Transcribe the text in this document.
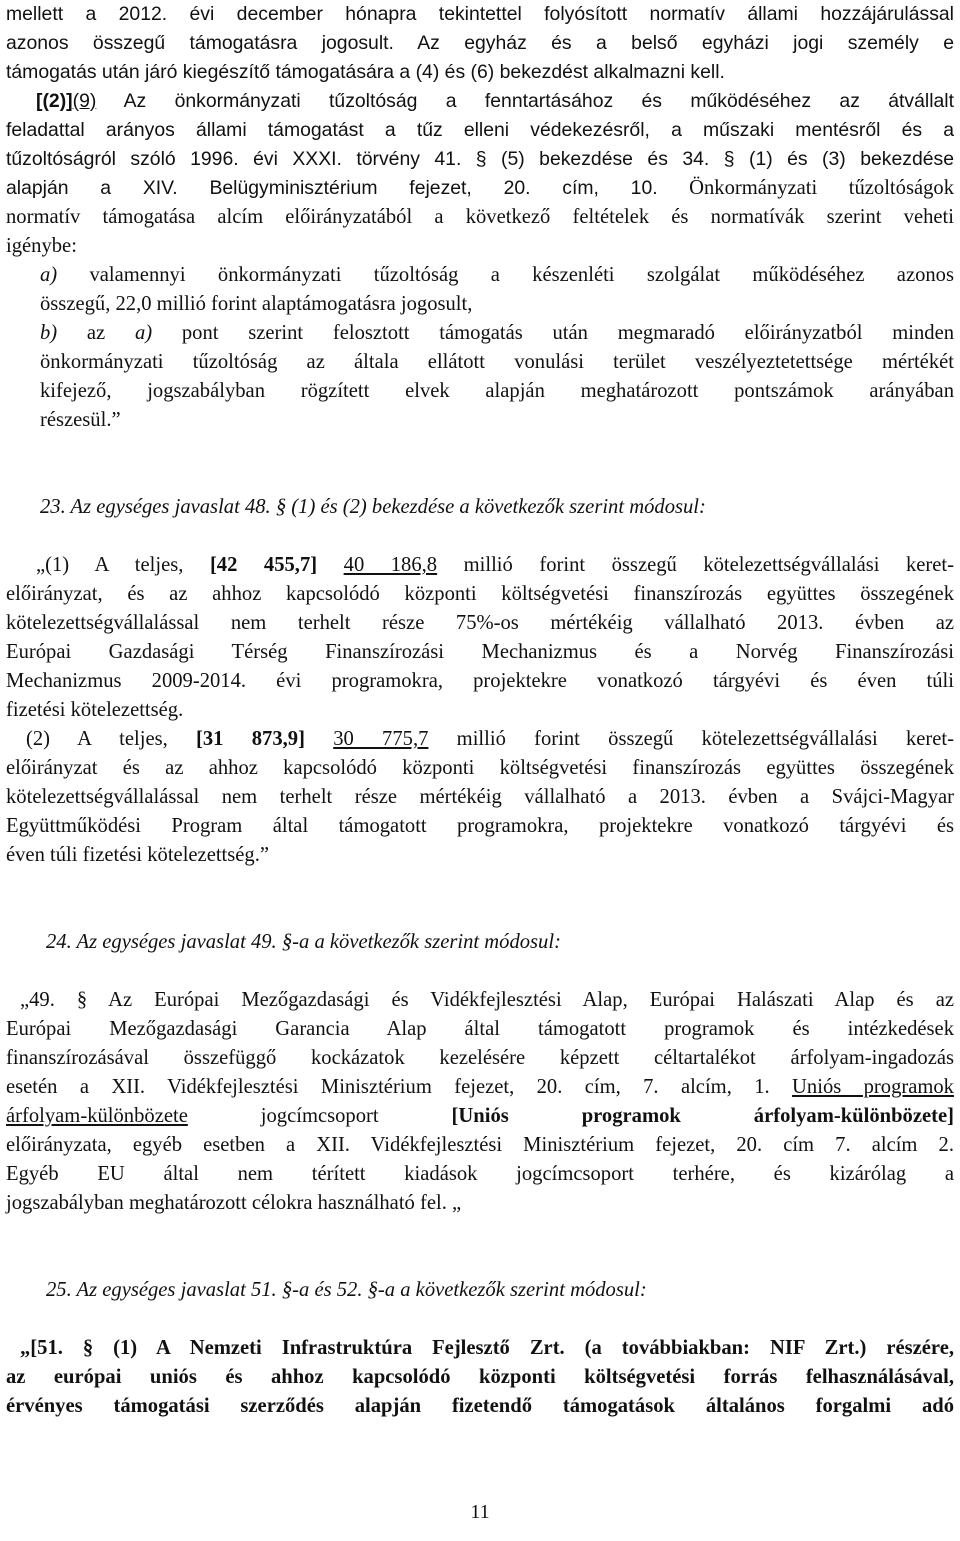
mellett a 2012. évi december hónapra tekintettel folyósított normatív állami hozzájárulással
azonos összegű támogatásra jogosult. Az egyház és a belső egyházi jogi személy e
támogatás után járó kiegészítő támogatására a (4) és (6) bekezdést alkalmazni kell.
[(2)](9) Az önkormányzati tűzoltóság a fenntartásához és működéséhez az átvállalt
feladattal arányos állami támogatást a tűz elleni védekezésről, a műszaki mentésről és a
tűzoltóságról szóló 1996. évi XXXI. törvény 41. § (5) bekezdése és 34. § (1) és (3) bekezdése
alapján a XIV. Belügyminisztérium fejezet, 20. cím, 10. Önkormányzati tűzoltóságok
normatív támogatása alcím előirányzatából a következő feltételek és normatívák szerint veheti
igénybe:
a) valamennyi önkormányzati tűzoltóság a készenléti szolgálat működéséhez azonos
összegű, 22,0 millió forint alaptámogatásra jogosult,
b) az a) pont szerint felosztott támogatás után megmaradó előirányzatból minden
önkormányzati tűzoltóság az általa ellátott vonulási terület veszélyeztetettsége mértékét
kifejező, jogszabályban rögzített elvek alapján meghatározott pontszámok arányában
részesül.”
23. Az egységes javaslat 48. § (1) és (2) bekezdése a következők szerint módosul:
„(1) A teljes, [42 455,7] 40 186,8 millió forint összegű kötelezettségvállalási keret-
előirányzat, és az ahhoz kapcsolódó központi költségvetési finanszírozás együttes összegének
kötelezettségvállalással nem terhelt része 75%-os mértékéig vállalható 2013. évben az
Európai Gazdasági Térség Finanszírozási Mechanizmus és a Norvég Finanszírozási
Mechanizmus 2009-2014. évi programokra, projektekre vonatkozó tárgyévi és éven túli
fizetési kötelezettség.
(2) A teljes, [31 873,9] 30 775,7 millió forint összegű kötelezettségvállalási keret-
előirányzat és az ahhoz kapcsolódó központi költségvetési finanszírozás együttes összegének
kötelezettségvállalással nem terhelt része mértékéig vállalható a 2013. évben a Svájci-Magyar
Együttműködési Program által támogatott programokra, projektekre vonatkozó tárgyévi és
éven túli fizetési kötelezettség.”
24. Az egységes javaslat 49. §-a a következők szerint módosul:
„49. § Az Európai Mezőgazdasági és Vidékfejlesztési Alap, Európai Halászati Alap és az
Európai Mezőgazdasági Garancia Alap által támogatott programok és intézkedések
finanszírozásával összefüggő kockázatok kezelésére képzett céltartalékot árfolyam-ingadozás
esetén a XII. Vidékfejlesztési Minisztérium fejezet, 20. cím, 7. alcím, 1. Uniós programok
árfolyam-különbözete	jogcímcsoport	[Uniós programok árfolyam-különbözete]
előirányzata, egyéb esetben a XII. Vidékfejlesztési Minisztérium fejezet, 20. cím 7. alcím 2.
Egyéb EU által nem térített kiadások jogcímcsoport terhére, és kizárólag a
jogszabályban meghatározott célokra használható fel. „
25. Az egységes javaslat 51. §-a és 52. §-a a következők szerint módosul:
„[51. § (1) A Nemzeti Infrastruktúra Fejlesztő Zrt. (a továbbiakban: NIF Zrt.) részére,
az európai uniós és ahhoz kapcsolódó központi költségvetési forrás felhasználásával,
érvényes támogatási szerződés alapján fizetendő támogatások általános forgalmi adó
11
